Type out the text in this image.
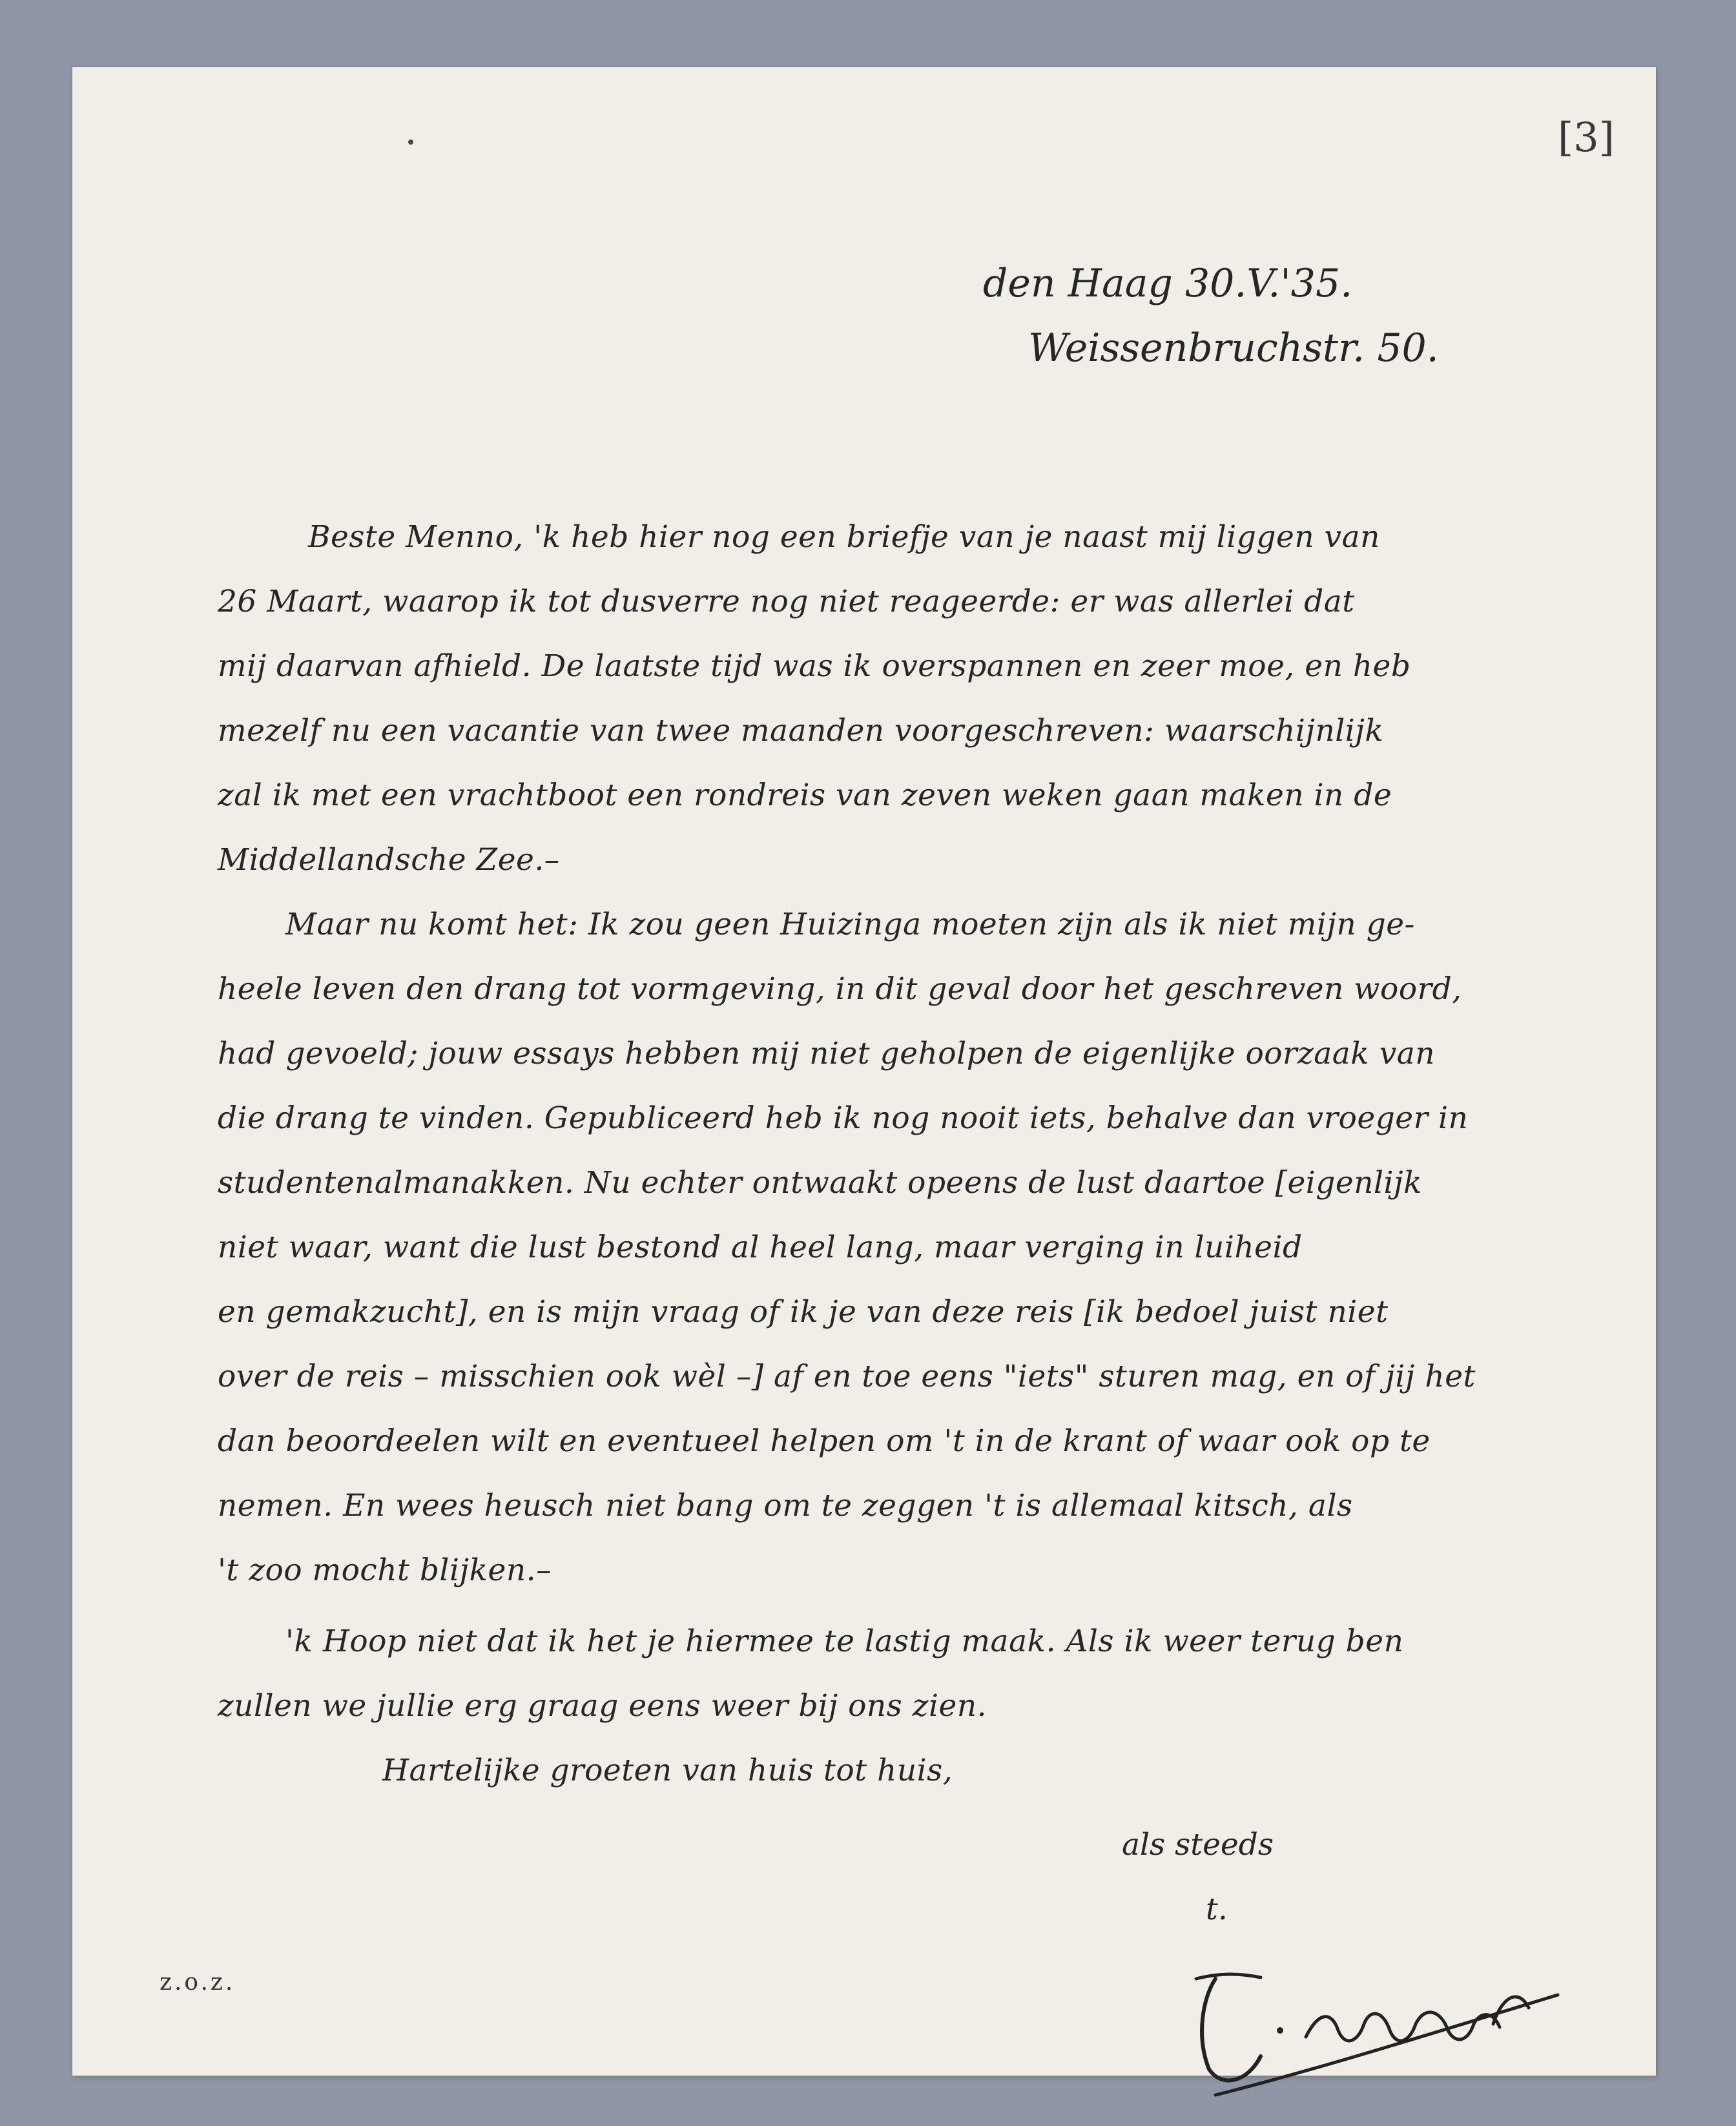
[3]

den Haag 30.V.'35.

Weissenbruchstr. 50.

Beste Menno, 'k heb hier nog een briefje van je naast mij liggen van

26 Maart, waarop ik tot dusverre nog niet reageerde: er was allerlei dat

mij daarvan afhield. De laatste tijd was ik overspannen en zeer moe, en heb

mezelf nu een vacantie van twee maanden voorgeschreven: waarschijnlijk

zal ik met een vrachtboot een rondreis van zeven weken gaan maken in de

Middellandsche Zee.–

Maar nu komt het: Ik zou geen Huizinga moeten zijn als ik niet mijn ge-

heele leven den drang tot vormgeving, in dit geval door het geschreven woord,

had gevoeld; jouw essays hebben mij niet geholpen de eigenlijke oorzaak van

die drang te vinden. Gepubliceerd heb ik nog nooit iets, behalve dan vroeger in

studentenalmanakken. Nu echter ontwaakt opeens de lust daartoe [eigenlijk

niet waar, want die lust bestond al heel lang, maar verging in luiheid

en gemakzucht], en is mijn vraag of ik je van deze reis [ik bedoel juist niet

over de reis – misschien ook wèl –] af en toe eens "iets" sturen mag, en of jij het

dan beoordeelen wilt en eventueel helpen om 't in de krant of waar ook op te

nemen. En wees heusch niet bang om te zeggen 't is allemaal kitsch, als

't zoo mocht blijken.–

'k Hoop niet dat ik het je hiermee te lastig maak. Als ik weer terug ben

zullen we jullie erg graag eens weer bij ons zien.

Hartelijke groeten van huis tot huis,

als steeds

t.

z.o.z.
